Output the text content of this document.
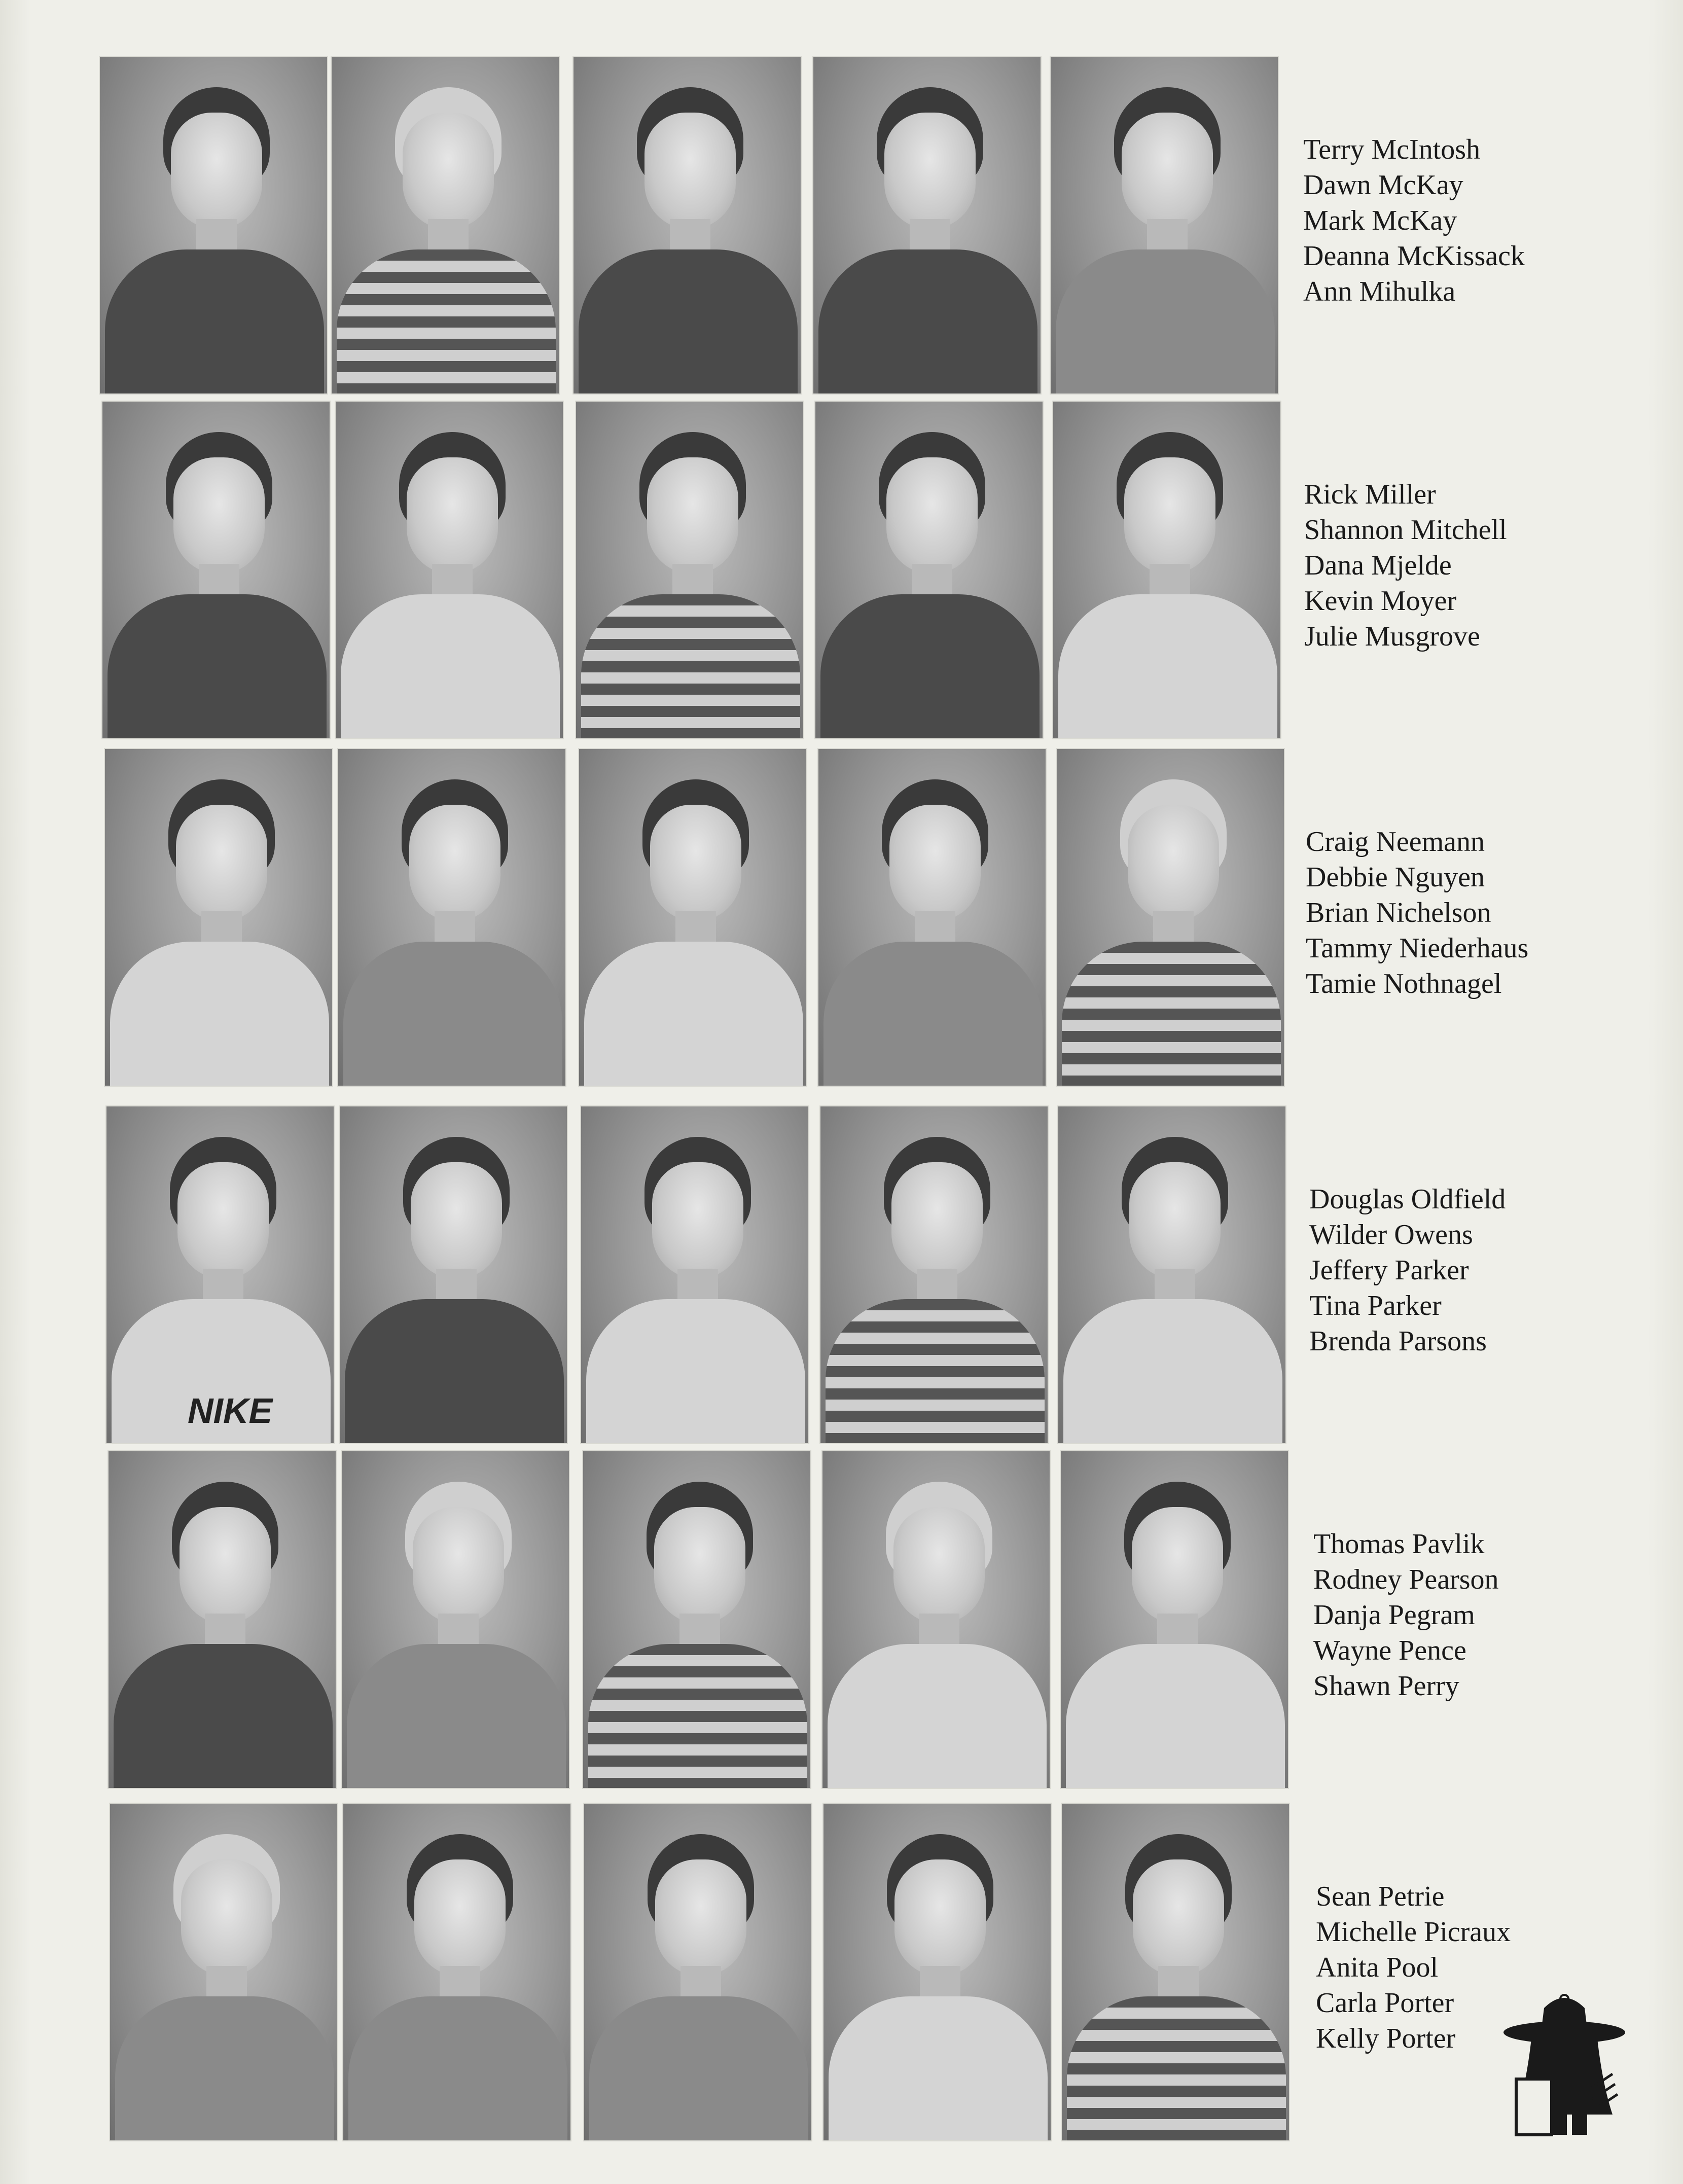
Terry McIntosh
Dawn McKay
Mark McKay
Deanna McKissack
Ann Mihulka
Rick Miller
Shannon Mitchell
Dana Mjelde
Kevin Moyer
Julie Musgrove
Craig Neemann
Debbie Nguyen
Brian Nichelson
Tammy Niederhaus
Tamie Nothnagel
NIKE
Douglas Oldfield
Wilder Owens
Jeffery Parker
Tina Parker
Brenda Parsons
Thomas Pavlik
Rodney Pearson
Danja Pegram
Wayne Pence
Shawn Perry
Sean Petrie
Michelle Picraux
Anita Pool
Carla Porter
Kelly Porter
